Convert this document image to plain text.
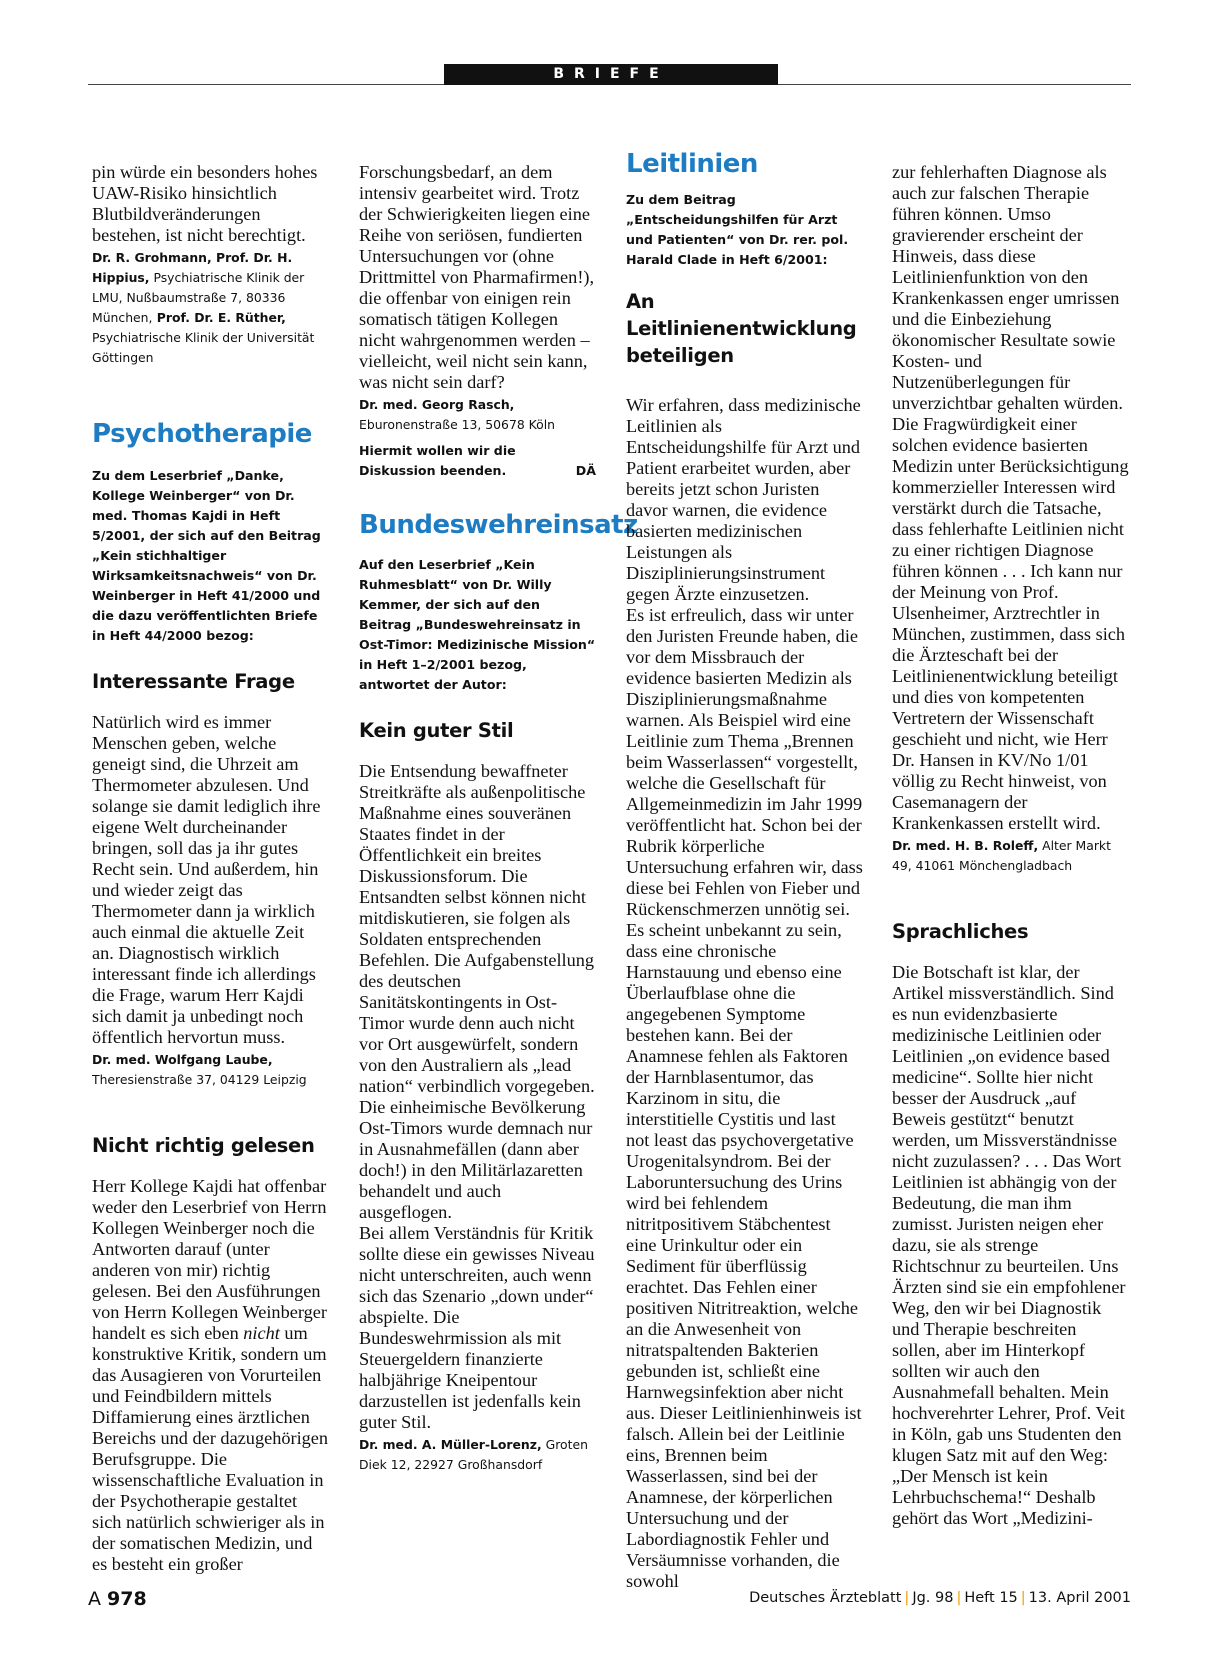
BRIEFE

pin würde ein besonders hohes UAW-Risiko hinsichtlich Blutbildveränderungen bestehen, ist nicht berechtigt.

Dr. R. Grohmann, Prof. Dr. H. Hippius, Psychiatrische Klinik der LMU, Nußbaumstraße 7, 80336 München, Prof. Dr. E. Rüther, Psychiatrische Klinik der Universität Göttingen

Psychotherapie

Zu dem Leserbrief „Danke, Kollege Weinberger“ von Dr. med. Thomas Kajdi in Heft 5/2001, der sich auf den Beitrag „Kein stichhaltiger Wirksamkeitsnachweis“ von Dr. Weinberger in Heft 41/2000 und die dazu veröffentlichten Briefe in Heft 44/2000 bezog:

Interessante Frage

Natürlich wird es immer Menschen geben, welche geneigt sind, die Uhrzeit am Thermometer abzulesen. Und solange sie damit lediglich ihre eigene Welt durcheinander bringen, soll das ja ihr gutes Recht sein. Und außerdem, hin und wieder zeigt das Thermometer dann ja wirklich auch einmal die aktuelle Zeit an. Diagnostisch wirklich interessant finde ich allerdings die Frage, warum Herr Kajdi sich damit ja unbedingt noch öffentlich hervortun muss.

Dr. med. Wolfgang Laube,
Theresienstraße 37, 04129 Leipzig

Nicht richtig gelesen

Herr Kollege Kajdi hat offenbar weder den Leserbrief von Herrn Kollegen Weinberger noch die Antworten darauf (unter anderen von mir) richtig gelesen. Bei den Ausführungen von Herrn Kollegen Weinberger handelt es sich eben nicht um konstruktive Kritik, sondern um das Ausagieren von Vorurteilen und Feindbildern mittels Diffamierung eines ärztlichen Bereichs und der dazugehörigen Berufsgruppe. Die wissenschaftliche Evaluation in der Psychotherapie gestaltet sich natürlich schwieriger als in der somatischen Medizin, und es besteht ein großer

Forschungsbedarf, an dem intensiv gearbeitet wird. Trotz der Schwierigkeiten liegen eine Reihe von seriösen, fundierten Untersuchungen vor (ohne Drittmittel von Pharmafirmen!), die offenbar von einigen rein somatisch tätigen Kollegen nicht wahrgenommen werden – vielleicht, weil nicht sein kann, was nicht sein darf?

Dr. med. Georg Rasch,
Eburonenstraße 13, 50678 Köln

Hiermit wollen wir die Diskussion beenden.	DÄ

Bundeswehreinsatz

Auf den Leserbrief „Kein Ruhmesblatt“ von Dr. Willy Kemmer, der sich auf den Beitrag „Bundeswehreinsatz in Ost-Timor: Medizinische Mission“ in Heft 1–2/2001 bezog, antwortet der Autor:

Kein guter Stil

Die Entsendung bewaffneter Streitkräfte als außenpolitische Maßnahme eines souveränen Staates findet in der Öffentlichkeit ein breites Diskussionsforum. Die Entsandten selbst können nicht mitdiskutieren, sie folgen als Soldaten entsprechenden Befehlen. Die Aufgabenstellung des deutschen Sanitätskontingents in Ost-Timor wurde denn auch nicht vor Ort ausgewürfelt, sondern von den Australiern als „lead nation“ verbindlich vorgegeben. Die einheimische Bevölkerung Ost-Timors wurde demnach nur in Ausnahmefällen (dann aber doch!) in den Militärlazaretten behandelt und auch ausgeflogen.

Bei allem Verständnis für Kritik sollte diese ein gewisses Niveau nicht unterschreiten, auch wenn sich das Szenario „down under“ abspielte. Die Bundeswehrmission als mit Steuergeldern finanzierte halbjährige Kneipentour darzustellen ist jedenfalls kein guter Stil.

Dr. med. A. Müller-Lorenz, Groten Diek 12, 22927 Großhansdorf

Leitlinien

Zu dem Beitrag „Entscheidungshilfen für Arzt und Patienten“ von Dr. rer. pol. Harald Clade in Heft 6/2001:

An Leitlinienentwicklung beteiligen

Wir erfahren, dass medizinische Leitlinien als Entscheidungshilfe für Arzt und Patient erarbeitet wurden, aber bereits jetzt schon Juristen davor warnen, die evidence basierten medizinischen Leistungen als Disziplinierungsinstrument gegen Ärzte einzusetzen.

Es ist erfreulich, dass wir unter den Juristen Freunde haben, die vor dem Missbrauch der evidence basierten Medizin als Disziplinierungsmaßnahme warnen. Als Beispiel wird eine Leitlinie zum Thema „Brennen beim Wasserlassen“ vorgestellt, welche die Gesellschaft für Allgemeinmedizin im Jahr 1999 veröffentlicht hat. Schon bei der Rubrik körperliche Untersuchung erfahren wir, dass diese bei Fehlen von Fieber und Rückenschmerzen unnötig sei. Es scheint unbekannt zu sein, dass eine chronische Harnstauung und ebenso eine Überlaufblase ohne die angegebenen Symptome bestehen kann. Bei der Anamnese fehlen als Faktoren der Harnblasentumor, das Karzinom in situ, die interstitielle Cystitis und last not least das psychovergetative Urogenitalsyndrom. Bei der Laboruntersuchung des Urins wird bei fehlendem nitritpositivem Stäbchentest eine Urinkultur oder ein Sediment für überflüssig erachtet. Das Fehlen einer positiven Nitritreaktion, welche an die Anwesenheit von nitratspaltenden Bakterien gebunden ist, schließt eine Harnwegsinfektion aber nicht aus. Dieser Leitlinienhinweis ist falsch. Allein bei der Leitlinie eins, Brennen beim Wasserlassen, sind bei der Anamnese, der körperlichen Untersuchung und der Labordiagnostik Fehler und Versäumnisse vorhanden, die sowohl

zur fehlerhaften Diagnose als auch zur falschen Therapie führen können. Umso gravierender erscheint der Hinweis, dass diese Leitlinienfunktion von den Krankenkassen enger umrissen und die Einbeziehung ökonomischer Resultate sowie Kosten- und Nutzenüberlegungen für unverzichtbar gehalten würden. Die Fragwürdigkeit einer solchen evidence basierten Medizin unter Berücksichtigung kommerzieller Interessen wird verstärkt durch die Tatsache, dass fehlerhafte Leitlinien nicht zu einer richtigen Diagnose führen können . . . Ich kann nur der Meinung von Prof. Ulsenheimer, Arztrechtler in München, zustimmen, dass sich die Ärzteschaft bei der Leitlinienentwicklung beteiligt und dies von kompetenten Vertretern der Wissenschaft geschieht und nicht, wie Herr Dr. Hansen in KV/No 1/01 völlig zu Recht hinweist, von Casemanagern der Krankenkassen erstellt wird.

Dr. med. H. B. Roleff, Alter Markt 49, 41061 Mönchengladbach

Sprachliches

Die Botschaft ist klar, der Artikel missverständlich. Sind es nun evidenzbasierte medizinische Leitlinien oder Leitlinien „on evidence based medicine“. Sollte hier nicht besser der Ausdruck „auf Beweis gestützt“ benutzt werden, um Missverständnisse nicht zuzulassen? . . . Das Wort Leitlinien ist abhängig von der Bedeutung, die man ihm zumisst. Juristen neigen eher dazu, sie als strenge Richtschnur zu beurteilen. Uns Ärzten sind sie ein empfohlener Weg, den wir bei Diagnostik und Therapie beschreiten sollen, aber im Hinterkopf sollten wir auch den Ausnahmefall behalten. Mein hochverehrter Lehrer, Prof. Veit in Köln, gab uns Studenten den klugen Satz mit auf den Weg: „Der Mensch ist kein Lehrbuchschema!“ Deshalb gehört das Wort „Medizini-

A 978	Deutsches Ärzteblatt | Jg. 98 | Heft 15 | 13. April 2001
